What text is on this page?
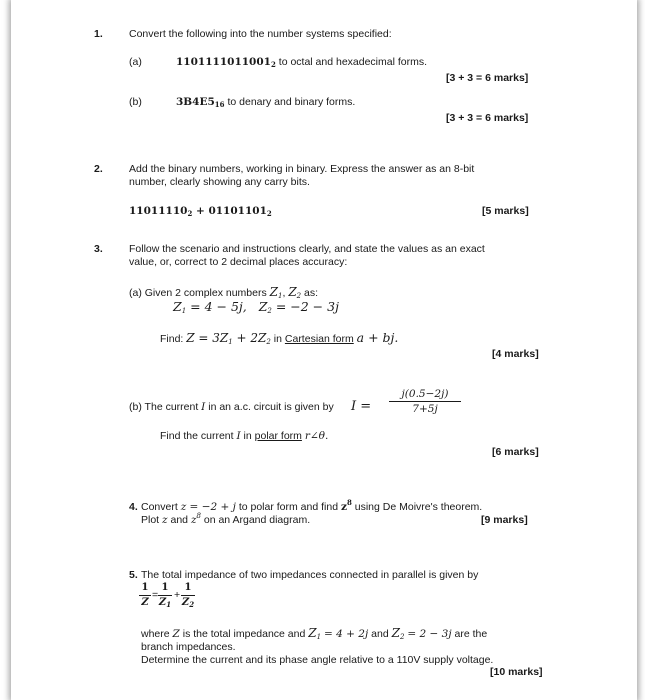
1. Convert the following into the number systems specified:
(a)	$1101111011001_2$ to octal and hexadecimal forms.
[3 + 3 = 6 marks]
(b)	$3B4E5_{16}$ to denary and binary forms.
[3 + 3 = 6 marks]
2. Add the binary numbers, working in binary. Express the answer as an 8-bit
number, clearly showing any carry bits.
$11011110_2 + 01101101_2$	[5 marks]
3. Follow the scenario and instructions clearly, and state the values as an exact
value, or, correct to 2 decimal places accuracy:
(a) Given 2 complex numbers $Z_1$, $Z_2$ as:
$Z_1 = 4 - 5j$, $Z_2 = -2 - 3j$
Find: $Z = 3Z_1 + 2Z_2$ in Cartesian form a + bj.
[4 marks]
(b) The current I in an a.c. circuit is given by $I = \frac{j(0.5-2j)}{7+5j}$
Find the current I in polar form r∠θ.
[6 marks]
4. Convert z = −2 + j to polar form and find $z^8$ using De Moivre's theorem.
Plot z and $z^8$ on an Argand diagram.	[9 marks]
5. The total impedance of two impedances connected in parallel is given by
$\frac{1}{Z} = \frac{1}{Z_1} + \frac{1}{Z_2}$
where Z is the total impedance and $Z_1 = 4 + 2j$ and $Z_2 = 2 - 3j$ are the
branch impedances.
Determine the current and its phase angle relative to a 110V supply voltage.
[10 marks]
